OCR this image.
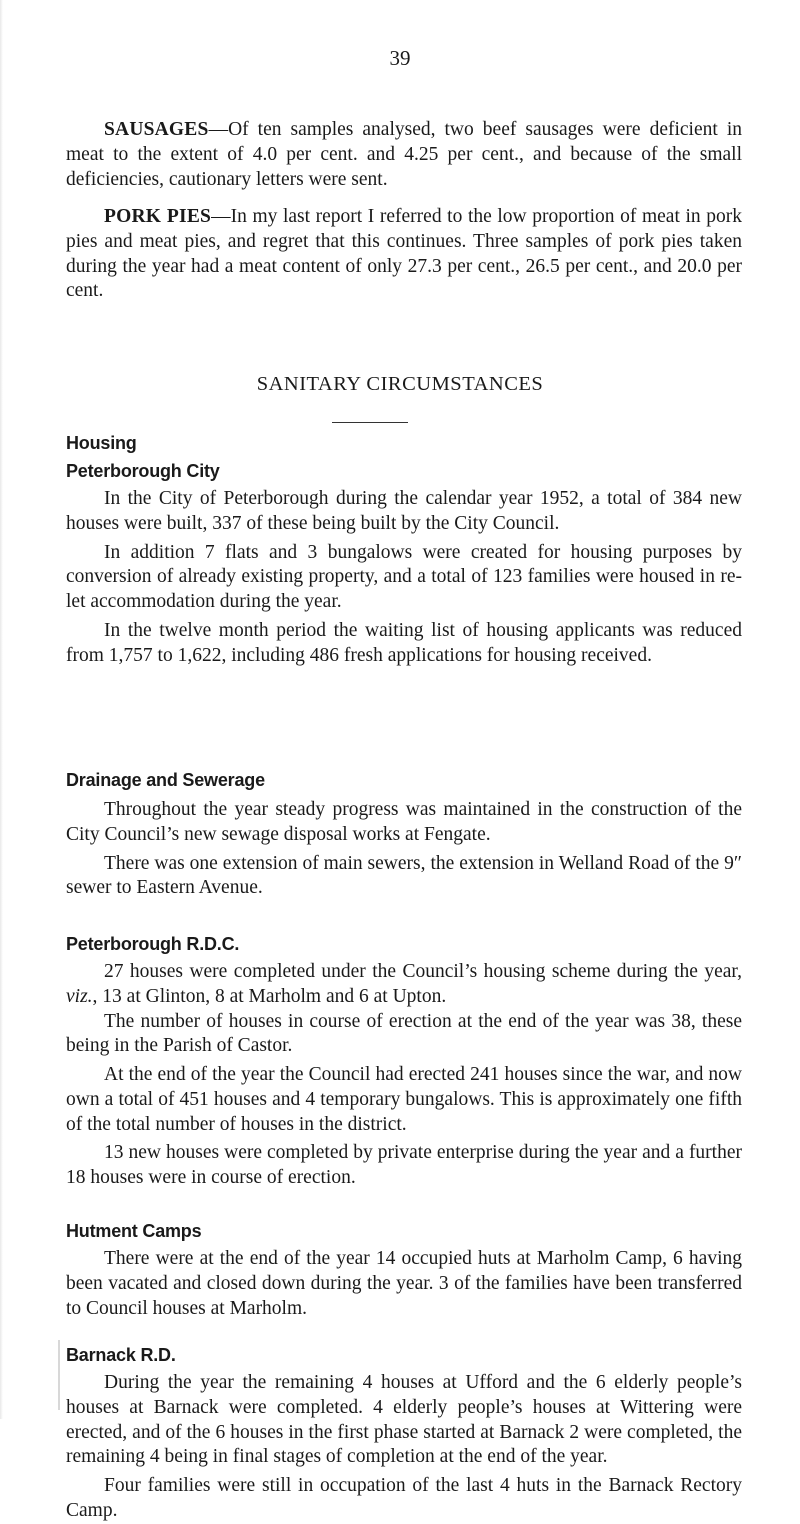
39

SAUSAGES—Of ten samples analysed, two beef sausages were deficient in meat to the extent of 4.0 per cent. and 4.25 per cent., and because of the small deficiencies, cautionary letters were sent.

PORK PIES—In my last report I referred to the low proportion of meat in pork pies and meat pies, and regret that this continues. Three samples of pork pies taken during the year had a meat content of only 27.3 per cent., 26.5 per cent., and 20.0 per cent.

SANITARY CIRCUMSTANCES
Housing
Peterborough City

In the City of Peterborough during the calendar year 1952, a total of 384 new houses were built, 337 of these being built by the City Council.

In addition 7 flats and 3 bungalows were created for housing purposes by conversion of already existing property, and a total of 123 families were housed in re-let accommodation during the year.

In the twelve month period the waiting list of housing applicants was reduced from 1,757 to 1,622, including 486 fresh applications for housing received.

Drainage and Sewerage

Throughout the year steady progress was maintained in the construction of the City Council’s new sewage disposal works at Fengate.

There was one extension of main sewers, the extension in Welland Road of the 9″ sewer to Eastern Avenue.

Peterborough R.D.C.

27 houses were completed under the Council’s housing scheme during the year, viz., 13 at Glinton, 8 at Marholm and 6 at Upton.

The number of houses in course of erection at the end of the year was 38, these being in the Parish of Castor.

At the end of the year the Council had erected 241 houses since the war, and now own a total of 451 houses and 4 temporary bungalows. This is approximately one fifth of the total number of houses in the district.

13 new houses were completed by private enterprise during the year and a further 18 houses were in course of erection.

Hutment Camps

There were at the end of the year 14 occupied huts at Marholm Camp, 6 having been vacated and closed down during the year. 3 of the families have been transferred to Council houses at Marholm.

Barnack R.D.

During the year the remaining 4 houses at Ufford and the 6 elderly people’s houses at Barnack were completed. 4 elderly people’s houses at Wittering were erected, and of the 6 houses in the first phase started at Barnack 2 were completed, the remaining 4 being in final stages of completion at the end of the year.

Four families were still in occupation of the last 4 huts in the Barnack Rectory Camp.
